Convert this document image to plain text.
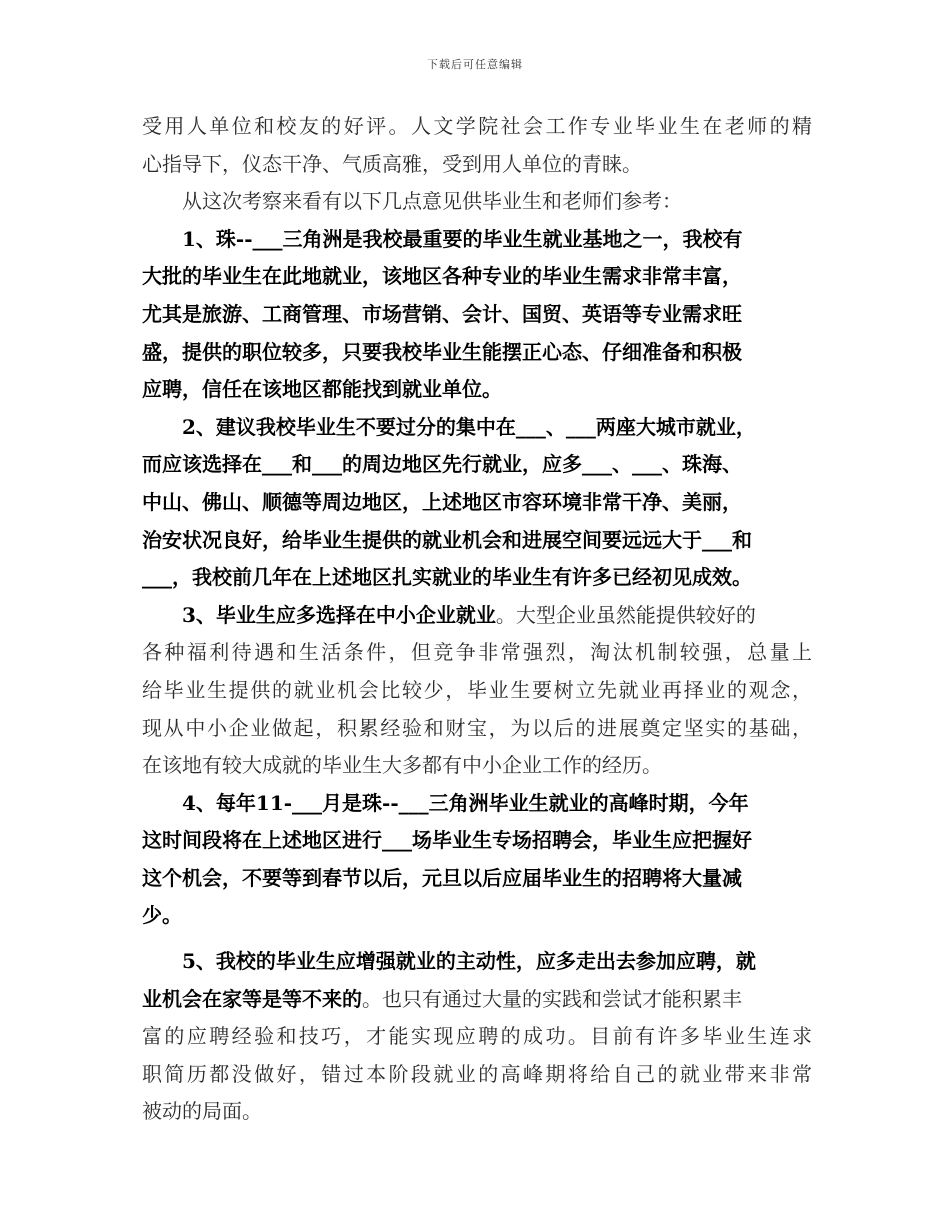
下载后可任意编辑
受用人单位和校友的好评。人文学院社会工作专业毕业生在老师的精
心指导下，仪态干净、气质高雅，受到用人单位的青睐。
从这次考察来看有以下几点意见供毕业生和老师们参考：
1、珠--___三角洲是我校最重要的毕业生就业基地之一，我校有
大批的毕业生在此地就业，该地区各种专业的毕业生需求非常丰富，
尤其是旅游、工商管理、市场营销、会计、国贸、英语等专业需求旺
盛，提供的职位较多，只要我校毕业生能摆正心态、仔细准备和积极
应聘，信任在该地区都能找到就业单位。
2、建议我校毕业生不要过分的集中在___、___两座大城市就业，
而应该选择在___和___的周边地区先行就业，应多___、___、珠海、
中山、佛山、顺德等周边地区，上述地区市容环境非常干净、美丽，
治安状况良好，给毕业生提供的就业机会和进展空间要远远大于___和
___，我校前几年在上述地区扎实就业的毕业生有许多已经初见成效。
3、毕业生应多选择在中小企业就业。大型企业虽然能提供较好的
各种福利待遇和生活条件，但竞争非常强烈，淘汰机制较强，总量上
给毕业生提供的就业机会比较少，毕业生要树立先就业再择业的观念，
现从中小企业做起，积累经验和财宝，为以后的进展奠定坚实的基础，
在该地有较大成就的毕业生大多都有中小企业工作的经历。
4、每年11-___月是珠--___三角洲毕业生就业的高峰时期，今年
这时间段将在上述地区进行___场毕业生专场招聘会，毕业生应把握好
这个机会，不要等到春节以后，元旦以后应届毕业生的招聘将大量减
少。
5、我校的毕业生应增强就业的主动性，应多走出去参加应聘，就
业机会在家等是等不来的。也只有通过大量的实践和尝试才能积累丰
富的应聘经验和技巧，才能实现应聘的成功。目前有许多毕业生连求
职简历都没做好，错过本阶段就业的高峰期将给自己的就业带来非常
被动的局面。
